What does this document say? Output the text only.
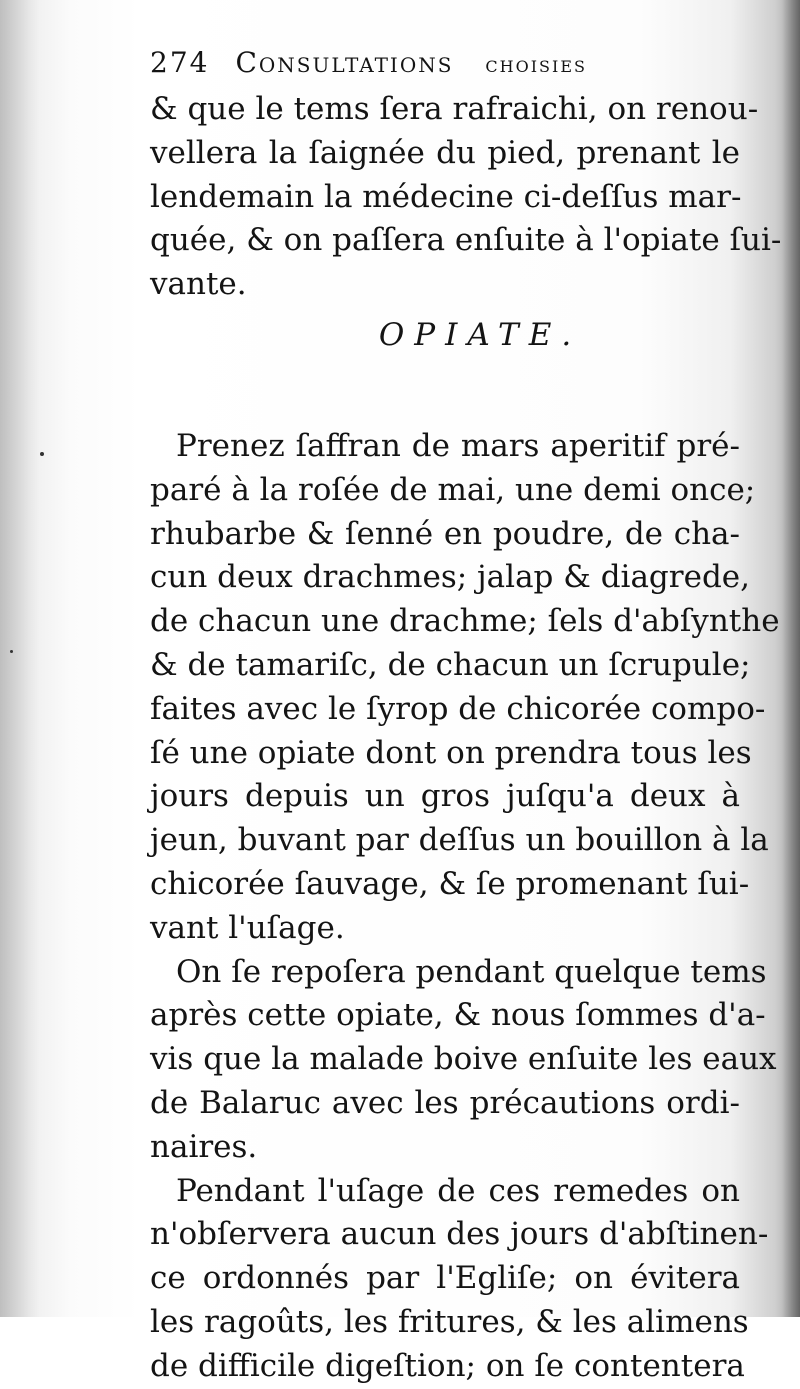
274 Consultations choisies
& que le tems ſera rafraichi, on renou-
vellera la ſaignée du pied, prenant le
lendemain la médecine ci-deſſus mar-
quée, & on paſſera enſuite à l'opiate ſui-
vante.
OPIATE.
Prenez ſaffran de mars aperitif pré-
paré à la roſée de mai, une demi once;
rhubarbe & ſenné en poudre, de cha-
cun deux drachmes; jalap & diagrede,
de chacun une drachme; ſels d'abſynthe
& de tamariſc, de chacun un ſcrupule;
faites avec le ſyrop de chicorée compo-
ſé une opiate dont on prendra tous les
jours depuis un gros juſqu'a deux à
jeun, buvant par deſſus un bouillon à la
chicorée ſauvage, & ſe promenant ſui-
vant l'uſage.
On ſe repoſera pendant quelque tems
après cette opiate, & nous ſommes d'a-
vis que la malade boive enſuite les eaux
de Balaruc avec les précautions ordi-
naires.
Pendant l'uſage de ces remedes on
n'obſervera aucun des jours d'abſtinen-
ce ordonnés par l'Egliſe; on évitera
les ragoûts, les fritures, & les alimens
de difficile digeſtion; on ſe contentera
